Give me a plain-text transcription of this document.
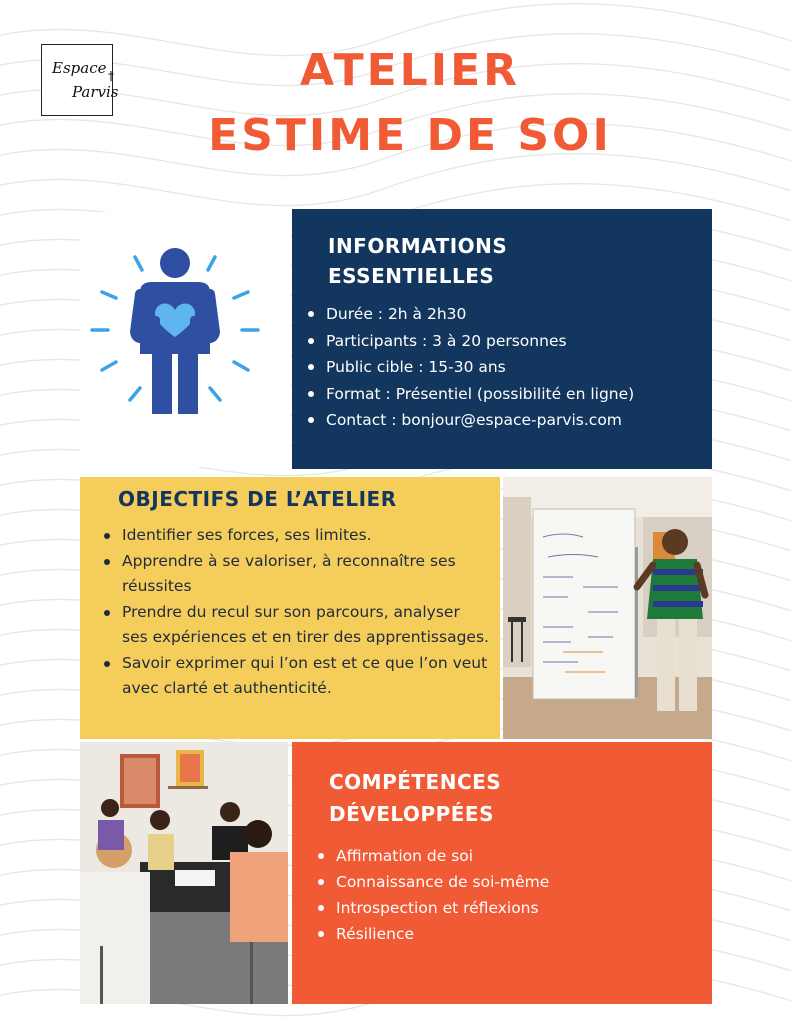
Espace †
Parvis	ATELIER
ESTIME DE SOI
INFORMATIONS
ESSENTIELLES
Durée : 2h à 2h30
Participants : 3 à 20 personnes
Public cible : 15-30 ans
Format : Présentiel (possibilité en ligne)
Contact : bonjour@espace-parvis.com
OBJECTIFS DE L’ATELIER
Identifier ses forces, ses limites.
Apprendre à se valoriser, à reconnaître ses réussites
Prendre du recul sur son parcours, analyser ses expériences et en tirer des apprentissages.
Savoir exprimer qui l’on est et ce que l’on veut avec clarté et authenticité.
COMPÉTENCES
DÉVELOPPÉES
Affirmation de soi
Connaissance de soi-même
Introspection et réflexions
Résilience
